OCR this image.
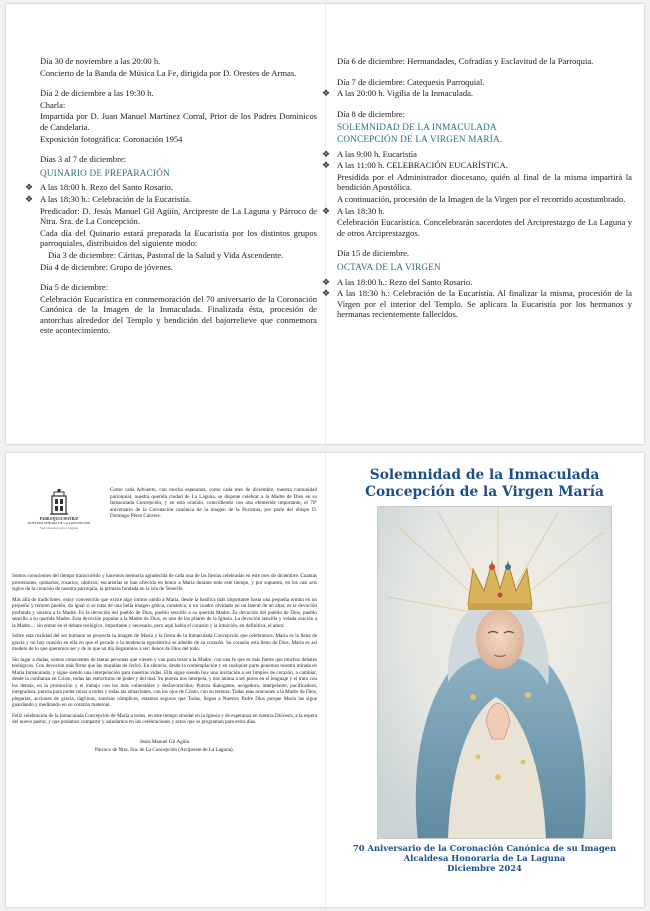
Día 30 de noviembre a las 20:00 h.
Concierto de la Banda de Música La Fe, dirigida por D. Orestes de Armas.
Día 2 de diciembre a las 19:30 h.
Charla:
Impartida por D. Juan Manuel Martínez Corral, Prior de los Padres Dominicos de Candelaria.
Exposición fotográfica: Coronación 1954
Días 3 al 7 de diciembre:
QUINARIO DE PREPARACIÓN
❖ A las 18:00 h. Rezo del Santo Rosario.
❖ A las 18:30 h.: Celebración de la Eucaristía.
Predicador: D. Jesús Manuel Gil Agüín, Arcipreste de La Laguna y Párroco de Ntra. Sra. de La Concepción.
Cada día del Quinario estará preparada la Eucaristía por los distintos grupos parroquiales, distribuidos del siguiente modo:
Día 3 de diciembre: Cáritas, Pastoral de la Salud y Vida Ascendente.
Día 4 de diciembre: Grupo de jóvenes.
Día 5 de diciembre:
Celebración Eucarística en conmemoración del 70 aniversario de la Coronación Canónica de la Imagen de la Inmaculada. Finalizada ésta, procesión de antorchas alrededor del Templo y bendición del bajorrelieve que conmemora este acontecimiento.
Día 6 de diciembre: Hermandades, Cofradías y Esclavitud de la Parroquia.
Día 7 de diciembre: Catequesis Parroquial.
❖ A las 20:00 h. Vigilia de la Inmaculada.
Día 8 de diciembre:
SOLEMNIDAD DE LA INMACULADA
CONCEPCIÓN DE LA VIRGEN MARÍA.
❖ A las 9:00 h. Eucaristía
❖ A las 11:00 h. CELEBRACIÓN EUCARÍSTICA.
Presidida por el Administrador diocesano, quién al final de la misma impartirá la bendición Apostólica.
A continuación, procesión de la Imagen de la Virgen por el recorrido acostumbrado.
❖ A las 18:30 h.
Celebración Eucarística. Concelebrarán sacerdotes del Arciprestazgo de La Laguna y de otros Arciprestazgos.
Día 15 de diciembre.
OCTAVA DE LA VIRGEN
❖ A las 18:00 h.: Rezo del Santo Rosario.
❖ A las 18:30 h.: Celebración de la Eucaristía. Al finalizar la misma, procesión de la Virgen por el interior del Templo. Se aplicara la Eucaristía por los hermanos y hermanas recientemente fallecidos.
PARROQUIA MATRIZ
NUESTRA SEÑORA DE LA CONCEPCIÓN
San Cristóbal de La Laguna
Como cada Adviento, con mucha esperanza, como cada mes de diciembre, nuestra comunidad parroquial, nuestra querida ciudad de La Laguna, se dispone celebrar a la Madre de Dios en su Inmaculada Concepción, y en esta ocasión, coincidiendo con una efeméride importante, el 70º aniversario de la Coronación canónica de la imagen de la Purísima, por parte del obispo D. Domingo Pérez Cáceres.
Somos conscientes del tiempo transcurrido y hacemos memoria agradecida de cada una de las fiestas celebradas en este mes de diciembre. Cuantas procesiones, quinarios, rosarios, cánticos, eucaristías se han ofrecido en honor a María durante todo este tiempo, y por supuesto, en los casi seis siglos de la creación de nuestra parroquia, la primera fundada en la isla de Tenerife.
Más allá de tradiciones, estoy convencido que existe algo íntimo unido a María, desde la basílica más importante hasta una pequeña ermita en un pequeño y remoto pueblo, da igual si se trata de una bella imagen gótica, románica, o un cuadro olvidado en un lateral de un altar, es la devoción profunda y sincera a la Madre. Es la devoción del pueblo de Dios, pueblo sencillo a su querida Madre. Es devoción del pueblo de Dios, pueblo sencillo a su querida Madre. Esta devoción popular a la Madre de Dios, es uno de los pilares de la Iglesia. La devoción sencilla y velada oración a la Madre… sin entrar en el debate teológico, importante y necesario, pero aquí habla el corazón y la intuición, en definitiva, el amor.
Sobre esta realidad del ser humano se proyecta la imagen de María y la fiesta de la Inmaculada Concepción que celebramos. María es la llena de gracia y no hay ocasión en ella en que el pecado o la tendencia egocéntrica se adueñe de su corazón. Su corazón está lleno de Dios. María es así modelo de lo que queremos ser y de lo que un día llegaremos a ser: llenos de Dios del todo.
Sin lugar a dudas, somos conscientes de tantas personas que vienen y van para rezar a la Madre, con una fe que es más fuerte que muchos debates teológicos. Con devoción más firme que las murallas de Jericó. En silencio, desde la contemplación y en cualquier parte ponemos nuestra mirada en María Inmaculada, y sigue siendo una interpelación para nuestras vidas. Ella sigue siendo hoy una invitación a ser limpios de corazón, a cambiar, desde la confianza en Cristo, todas las estructuras de poder y del mal. Su pureza nos interpela, y nos anima a ser puros en el lenguaje y el trato con los demás, en la promoción y el trabajo con los más vulnerables y desfavorecidos. Pureza dialogante, acogedora, interpelante, pacificadora, integradora, pureza para poder mirar a todos y todas las situaciones, con los ojos de Cristo, con su ternura. Todas esas oraciones a la Madre de Dios, plegarias, acciones de gracia, lágrimas, sonrisas cómplices, estamos seguros que Todas, llegan a Nuestro Padre Dios porque María las sigue guardando y meditando en su corazón maternal.
Feliz celebración de la Inmaculada Concepción de María a todos, en este tiempo sinodal en la Iglesia y de esperanza en nuestra Diócesis, a la espera del nuevo pastor, y que podamos compartir y saludarnos en las celebraciones y actos que se programan para estos días.
Jesús Manuel Gil Agüín
Párroco de Ntra. Sra. de La Concepción (Arcipreste de La Laguna).
Solemnidad de la Inmaculada
Concepción de la Virgen María
70 Aniversario de la Coronación Canónica de su Imagen
Alcaldesa Honoraria de La Laguna
Diciembre 2024
